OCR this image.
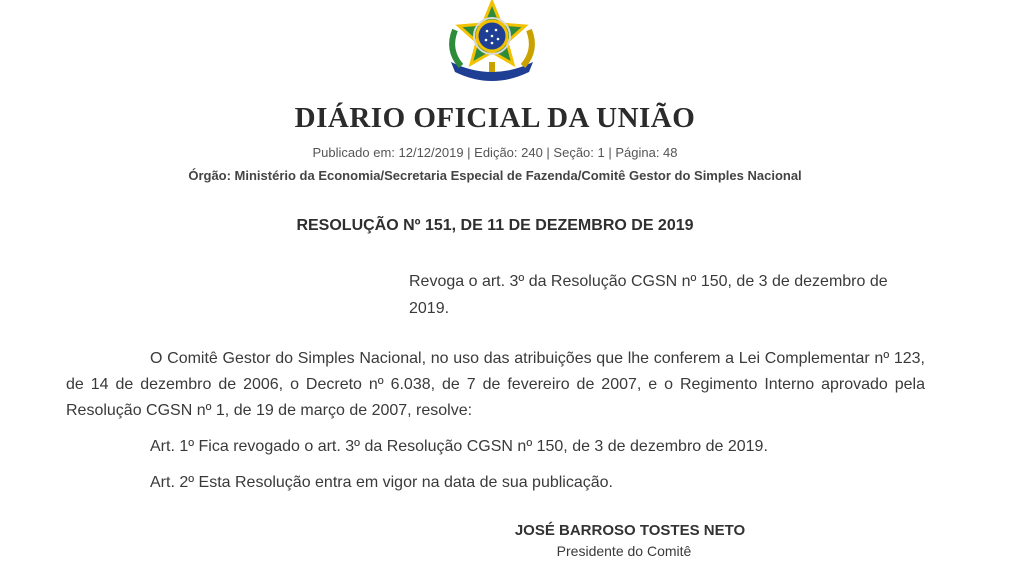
DIÁRIO OFICIAL DA UNIÃO
Publicado em: 12/12/2019 | Edição: 240 | Seção: 1 | Página: 48
Órgão: Ministério da Economia/Secretaria Especial de Fazenda/Comitê Gestor do Simples Nacional
RESOLUÇÃO Nº 151, DE 11 DE DEZEMBRO DE 2019
Revoga o art. 3º da Resolução CGSN nº 150, de 3 de dezembro de 2019.
O Comitê Gestor do Simples Nacional, no uso das atribuições que lhe conferem a Lei Complementar nº 123, de 14 de dezembro de 2006, o Decreto nº 6.038, de 7 de fevereiro de 2007, e o Regimento Interno aprovado pela Resolução CGSN nº 1, de 19 de março de 2007, resolve:
Art. 1º Fica revogado o art. 3º da Resolução CGSN nº 150, de 3 de dezembro de 2019.
Art. 2º Esta Resolução entra em vigor na data de sua publicação.
JOSÉ BARROSO TOSTES NETO
Presidente do Comitê
